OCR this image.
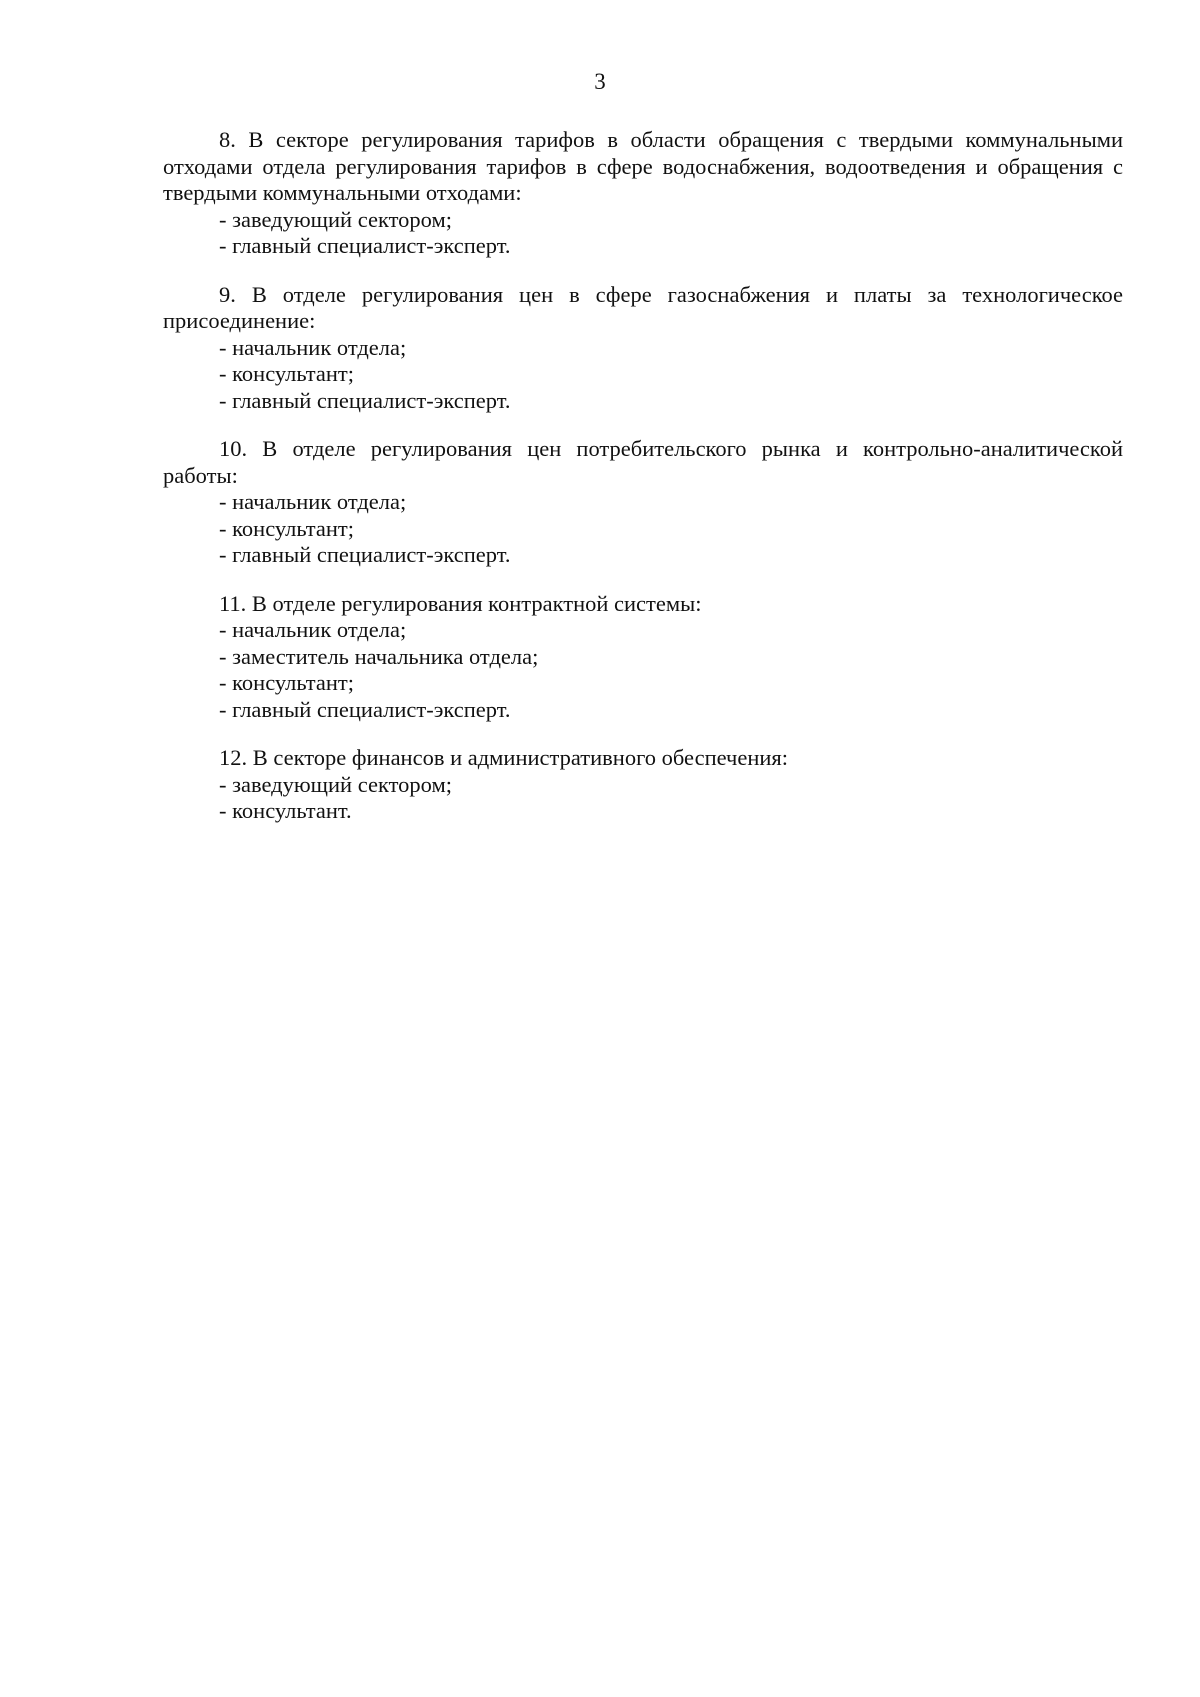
3

8. В секторе регулирования тарифов в области обращения с твердыми коммунальными отходами отдела регулирования тарифов в сфере водоснабжения, водоотведения и обращения с твердыми коммунальными отходами:

- заведующий сектором;

- главный специалист-эксперт.

9. В отделе регулирования цен в сфере газоснабжения и платы за технологическое присоединение:

- начальник отдела;

- консультант;

- главный специалист-эксперт.

10. В отделе регулирования цен потребительского рынка и контрольно-аналитической работы:

- начальник отдела;

- консультант;

- главный специалист-эксперт.

11. В отделе регулирования контрактной системы:

- начальник отдела;

- заместитель начальника отдела;

- консультант;

- главный специалист-эксперт.

12. В секторе финансов и административного обеспечения:

- заведующий сектором;

- консультант.
